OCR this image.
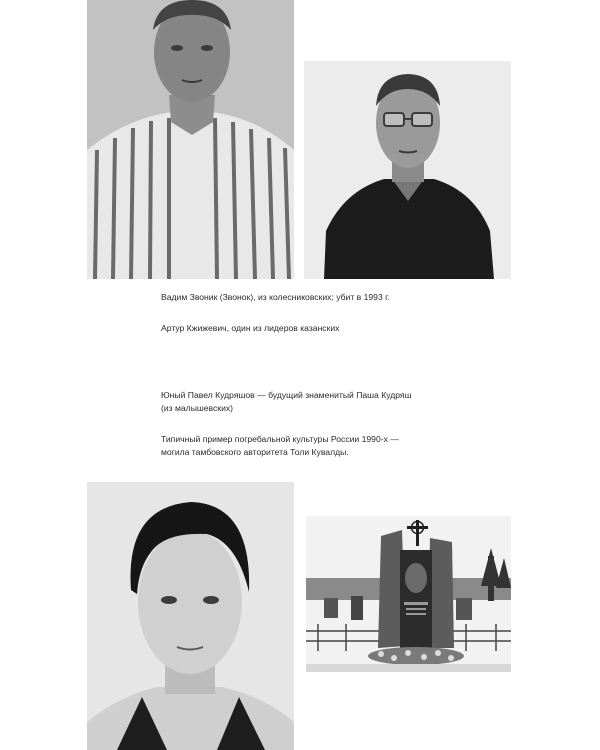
Вадим Звоник (Звонок), из колесниковских; убит в 1993 г.

Артур Кжижевич, один из лидеров казанских

Юный Павел Кудряшов — будущий знаменитый Паша Кудряш
(из малышевских)

Типичный пример погребальной культуры России 1990-х —
могила тамбовского авторитета Толи Кувалды.
